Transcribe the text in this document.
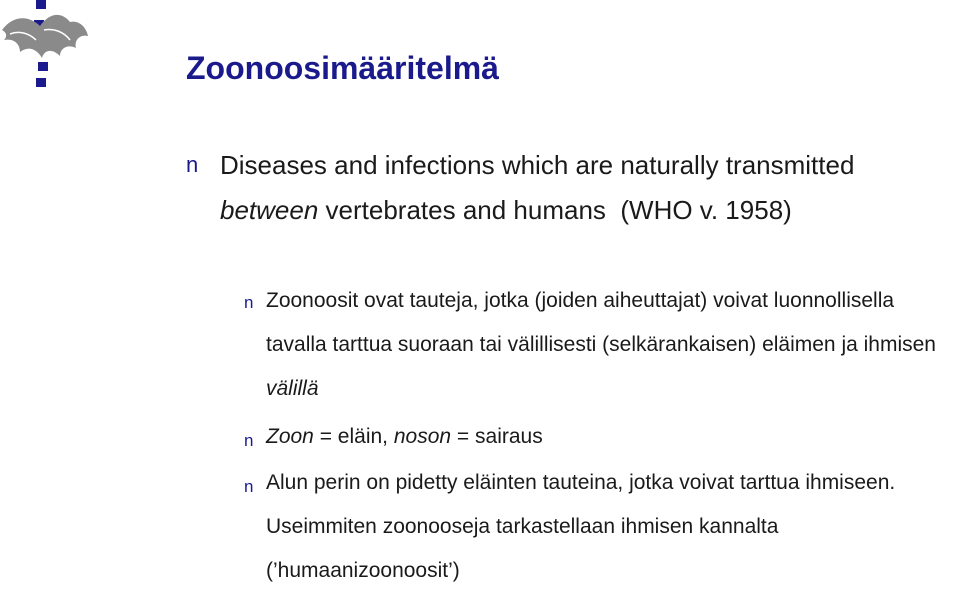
Zoonoosimääritelmä
n Diseases and infections which are naturally transmitted
between vertebrates and humans  (WHO v. 1958)
n Zoonoosit ovat tauteja, jotka (joiden aiheuttajat) voivat luonnollisella tavalla tarttua suoraan tai välillisesti (selkärankaisen) eläimen ja ihmisen välillä
n Zoon = eläin, noson = sairaus
n Alun perin on pidetty eläinten tauteina, jotka voivat tarttua ihmiseen. Useimmiten zoonooseja tarkastellaan ihmisen kannalta (’humaanizoonoosit’)
